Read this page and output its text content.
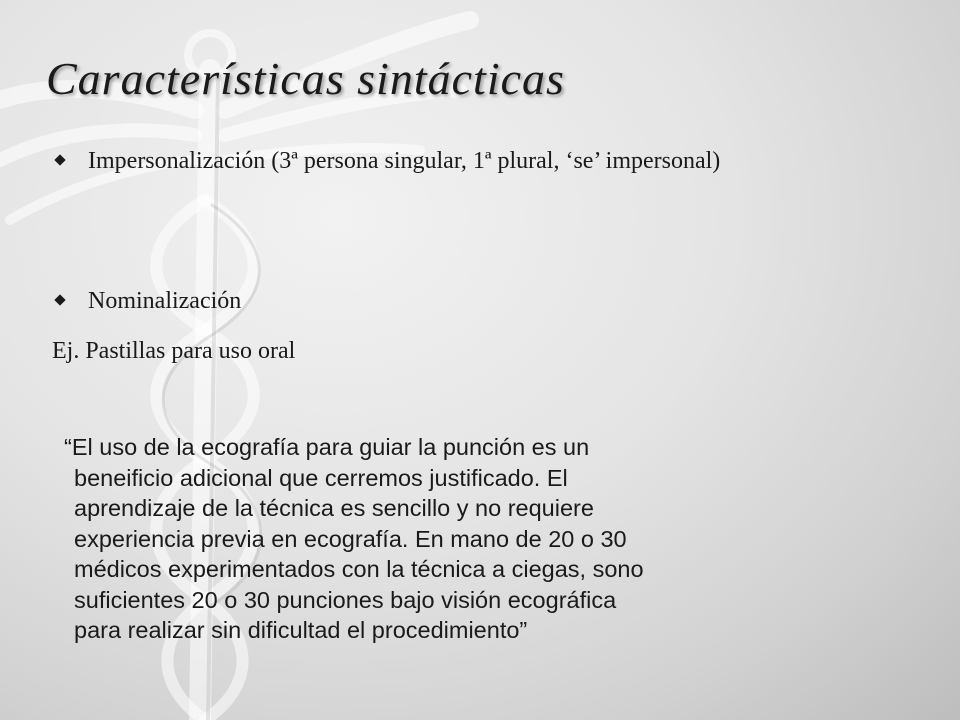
Características sintácticas
Impersonalización (3ª persona singular, 1ª plural, ‘se’ impersonal)
Nominalización

Ej. Pastillas para uso oral

“El uso de la ecografía para guiar la punción es un
beneificio adicional que cerremos justificado. El
aprendizaje de la técnica es sencillo y no requiere
experiencia previa en ecografía. En mano de 20 o 30
médicos experimentados con la técnica a ciegas, sono
suficientes 20 o 30 punciones bajo visión ecográfica
para realizar sin dificultad el procedimiento”
